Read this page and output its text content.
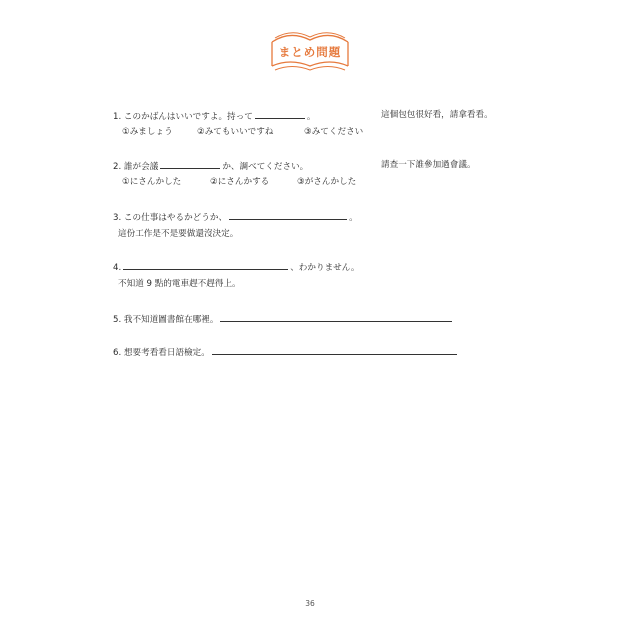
まとめ問題
1. このかばんはいいですよ。持って	。	這個包包很好看，請拿看看。
①みましょう	②みてもいいですね	③みてください
2. 誰が会議	か、調べてください。	請查一下誰參加過會議。
①にさんかした	②にさんかする	③がさんかした
3. この仕事はやるかどうか、	。
這份工作是不是要做還沒決定。
4.	、わかりません。
不知道 9 點的電車趕不趕得上。
5. 我不知道圖書館在哪裡。
6. 想要考看看日語檢定。
36
